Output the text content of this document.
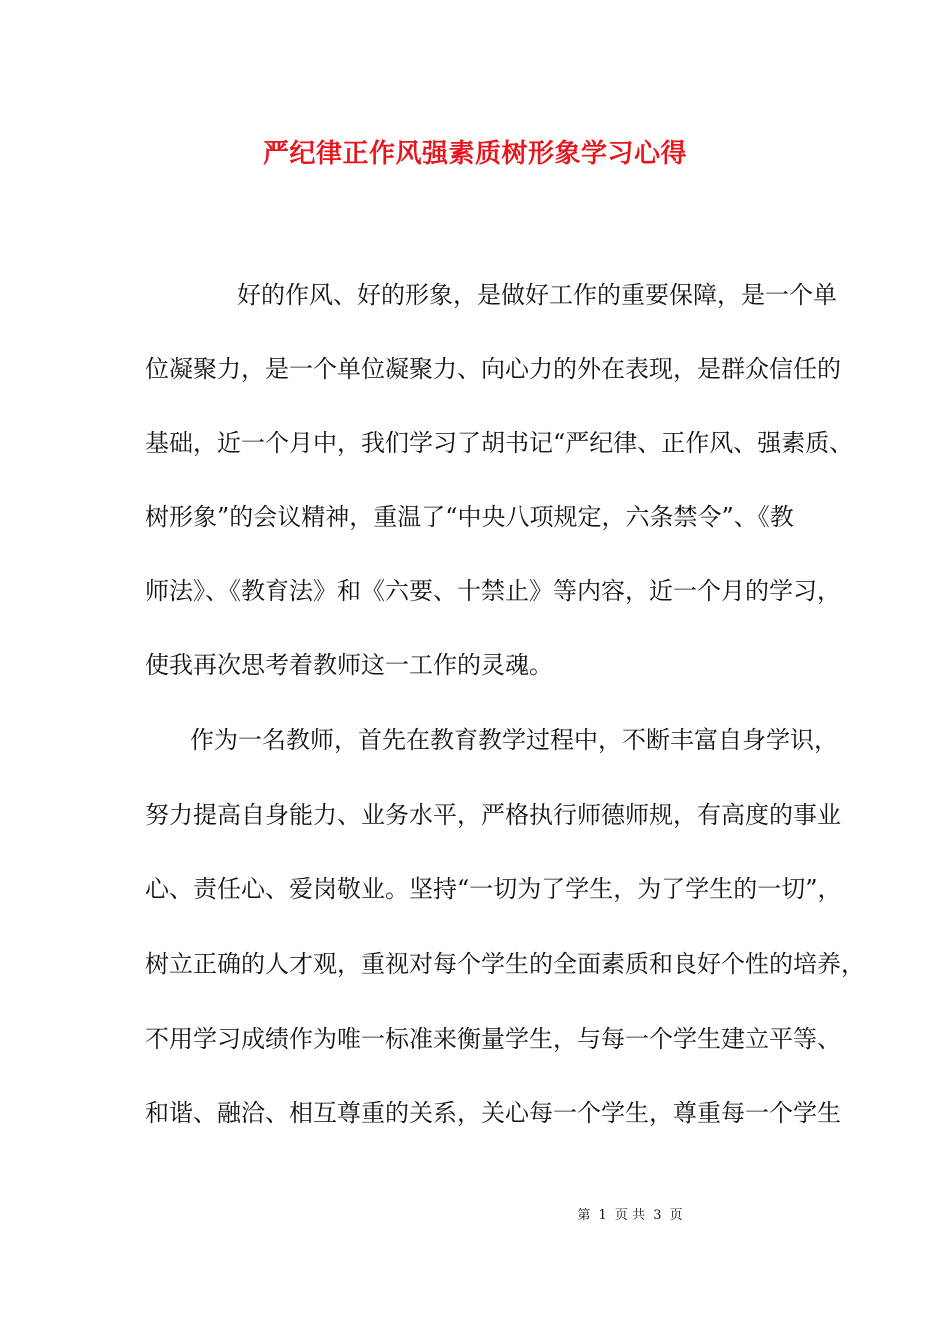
严纪律正作风强素质树形象学习心得
好的作风、好的形象，是做好工作的重要保障，是一个单
位凝聚力，是一个单位凝聚力、向心力的外在表现，是群众信任的
基础，近一个月中，我们学习了胡书记“严纪律、正作风、强素质、
树形象”的会议精神，重温了“中央八项规定，六条禁令”、《教
师法》、《教育法》和《六要、十禁止》等内容，近一个月的学习，
使我再次思考着教师这一工作的灵魂。
作为一名教师，首先在教育教学过程中，不断丰富自身学识，
努力提高自身能力、业务水平，严格执行师德师规，有高度的事业
心、责任心、爱岗敬业。坚持“一切为了学生，为了学生的一切”，
树立正确的人才观，重视对每个学生的全面素质和良好个性的培养，
不用学习成绩作为唯一标准来衡量学生，与每一个学生建立平等、
和谐、融洽、相互尊重的关系，关心每一个学生，尊重每一个学生
第 1 页 共 3 页
